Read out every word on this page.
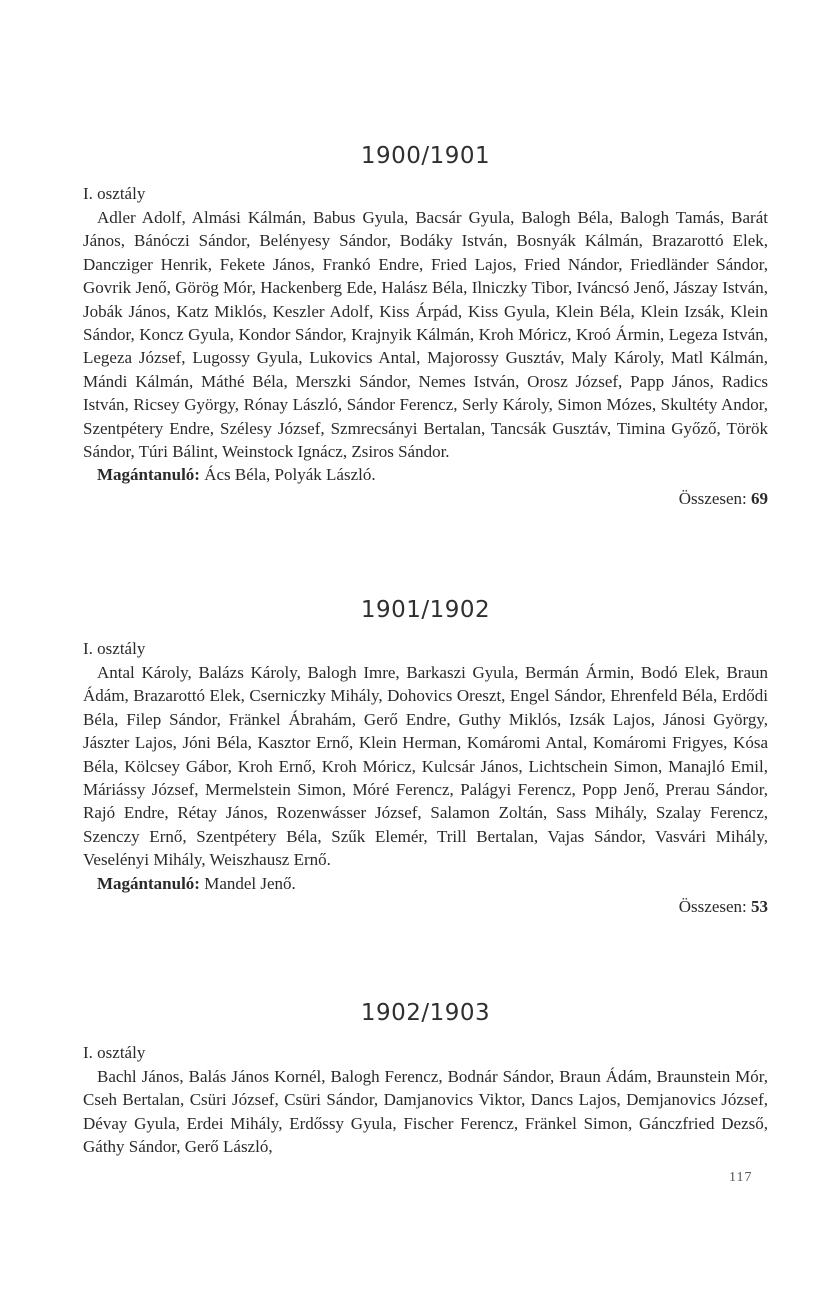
1900/1901

I. osztály

Adler Adolf, Almási Kálmán, Babus Gyula, Bacsár Gyula, Balogh Béla, Balogh Tamás, Barát János, Bánóczi Sándor, Belényesy Sándor, Bodáky István, Bosnyák Kálmán, Brazarottó Elek, Dancziger Henrik, Fekete János, Frankó Endre, Fried Lajos, Fried Nándor, Friedländer Sándor, Govrik Jenő, Görög Mór, Hackenberg Ede, Halász Béla, Ilniczky Tibor, Iváncsó Jenő, Jászay István, Jobák János, Katz Miklós, Keszler Adolf, Kiss Árpád, Kiss Gyula, Klein Béla, Klein Izsák, Klein Sándor, Koncz Gyula, Kondor Sándor, Krajnyik Kálmán, Kroh Móricz, Kroó Ármin, Legeza István, Legeza József, Lugossy Gyula, Lukovics Antal, Majorossy Gusztáv, Maly Károly, Matl Kálmán, Mándi Kálmán, Máthé Béla, Merszki Sándor, Nemes István, Orosz József, Papp János, Radics István, Ricsey György, Rónay László, Sándor Ferencz, Serly Károly, Simon Mózes, Skultéty Andor, Szentpétery Endre, Szélesy József, Szmrecsányi Bertalan, Tancsák Gusztáv, Timina Győző, Török Sándor, Túri Bálint, Weinstock Ignácz, Zsiros Sándor.

Magántanuló: Ács Béla, Polyák László.

Összesen: 69

1901/1902

I. osztály

Antal Károly, Balázs Károly, Balogh Imre, Barkaszi Gyula, Bermán Ármin, Bodó Elek, Braun Ádám, Brazarottó Elek, Cserniczky Mihály, Dohovics Oreszt, Engel Sándor, Ehrenfeld Béla, Erdődi Béla, Filep Sándor, Fränkel Ábrahám, Gerő Endre, Guthy Miklós, Izsák Lajos, Jánosi György, Jászter Lajos, Jóni Béla, Kasztor Ernő, Klein Herman, Komáromi Antal, Komáromi Frigyes, Kósa Béla, Kölcsey Gábor, Kroh Ernő, Kroh Móricz, Kulcsár János, Lichtschein Simon, Manajló Emil, Máriássy József, Mermelstein Simon, Móré Ferencz, Palágyi Ferencz, Popp Jenő, Prerau Sándor, Rajó Endre, Rétay János, Rozenwásser József, Salamon Zoltán, Sass Mihály, Szalay Ferencz, Szenczy Ernő, Szentpétery Béla, Szűk Elemér, Trill Bertalan, Vajas Sándor, Vasvári Mihály, Veselényi Mihály, Weiszhausz Ernő.

Magántanuló: Mandel Jenő.

Összesen: 53

1902/1903

I. osztály

Bachl János, Balás János Kornél, Balogh Ferencz, Bodnár Sándor, Braun Ádám, Braunstein Mór, Cseh Bertalan, Csüri József, Csüri Sándor, Damjanovics Viktor, Dancs Lajos, Demjanovics József, Dévay Gyula, Erdei Mihály, Erdőssy Gyula, Fischer Ferencz, Fränkel Simon, Gánczfried Dezső, Gáthy Sándor, Gerő László,

117
